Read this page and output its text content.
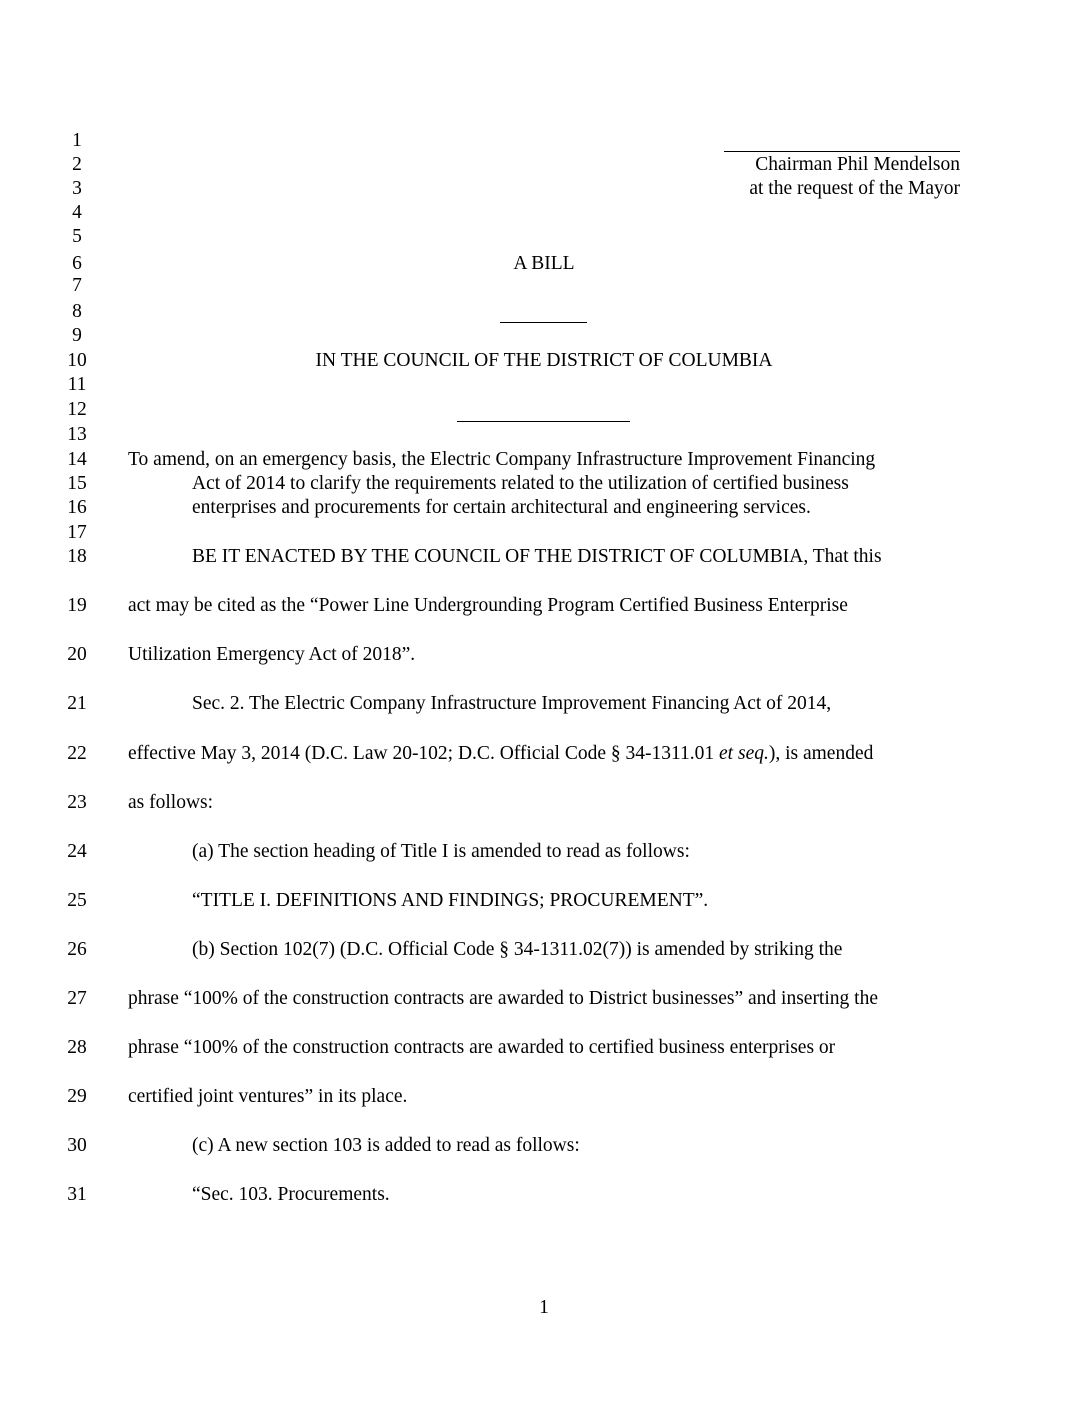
1
2
3
4
5
6
7
8
9
10
11
12
13
14
15
16
17
18
19
20
21
22
23
24
25
26
27
28
29
30
31
Chairman Phil Mendelson
at the request of the Mayor
A BILL
IN THE COUNCIL OF THE DISTRICT OF COLUMBIA
To amend, on an emergency basis, the Electric Company Infrastructure Improvement Financing
Act of 2014 to clarify the requirements related to the utilization of certified business
enterprises and procurements for certain architectural and engineering services.
BE IT ENACTED BY THE COUNCIL OF THE DISTRICT OF COLUMBIA, That this
act may be cited as the “Power Line Undergrounding Program Certified Business Enterprise
Utilization Emergency Act of 2018”.
Sec. 2. The Electric Company Infrastructure Improvement Financing Act of 2014,
effective May 3, 2014 (D.C. Law 20-102; D.C. Official Code § 34-1311.01 et seq.), is amended
as follows:
(a) The section heading of Title I is amended to read as follows:
“TITLE I. DEFINITIONS AND FINDINGS; PROCUREMENT”.
(b) Section 102(7) (D.C. Official Code § 34-1311.02(7)) is amended by striking the
phrase “100% of the construction contracts are awarded to District businesses” and inserting the
phrase “100% of the construction contracts are awarded to certified business enterprises or
certified joint ventures” in its place.
(c) A new section 103 is added to read as follows:
“Sec. 103. Procurements.
1
